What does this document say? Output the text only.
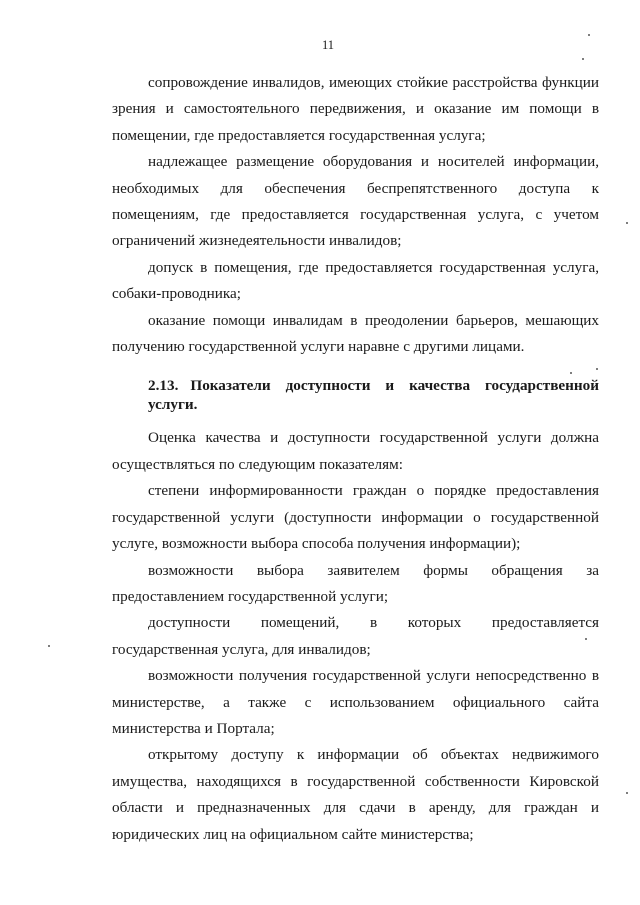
11

сопровождение инвалидов, имеющих стойкие расстройства функции зрения и самостоятельного передвижения, и оказание им помощи в помещении, где предоставляется государственная услуга;

надлежащее размещение оборудования и носителей информации, необходимых для обеспечения беспрепятственного доступа к помещениям, где предоставляется государственная услуга, с учетом ограничений жизнедеятельности инвалидов;

допуск в помещения, где предоставляется государственная услуга, собаки-проводника;

оказание помощи инвалидам в преодолении барьеров, мешающих получению государственной услуги наравне с другими лицами.

2.13. Показатели доступности и качества государственной услуги.

Оценка качества и доступности государственной услуги должна осуществляться по следующим показателям:

степени информированности граждан о порядке предоставления государственной услуги (доступности информации о государственной услуге, возможности выбора способа получения информации);

возможности выбора заявителем формы обращения за предоставлением государственной услуги;

доступности помещений, в которых предоставляется государственная услуга, для инвалидов;

возможности получения государственной услуги непосредственно в министерстве, а также с использованием официального сайта министерства и Портала;

открытому доступу к информации об объектах недвижимого имущества, находящихся в государственной собственности Кировской области и предназначенных для сдачи в аренду, для граждан и юридических лиц на официальном сайте министерства;
